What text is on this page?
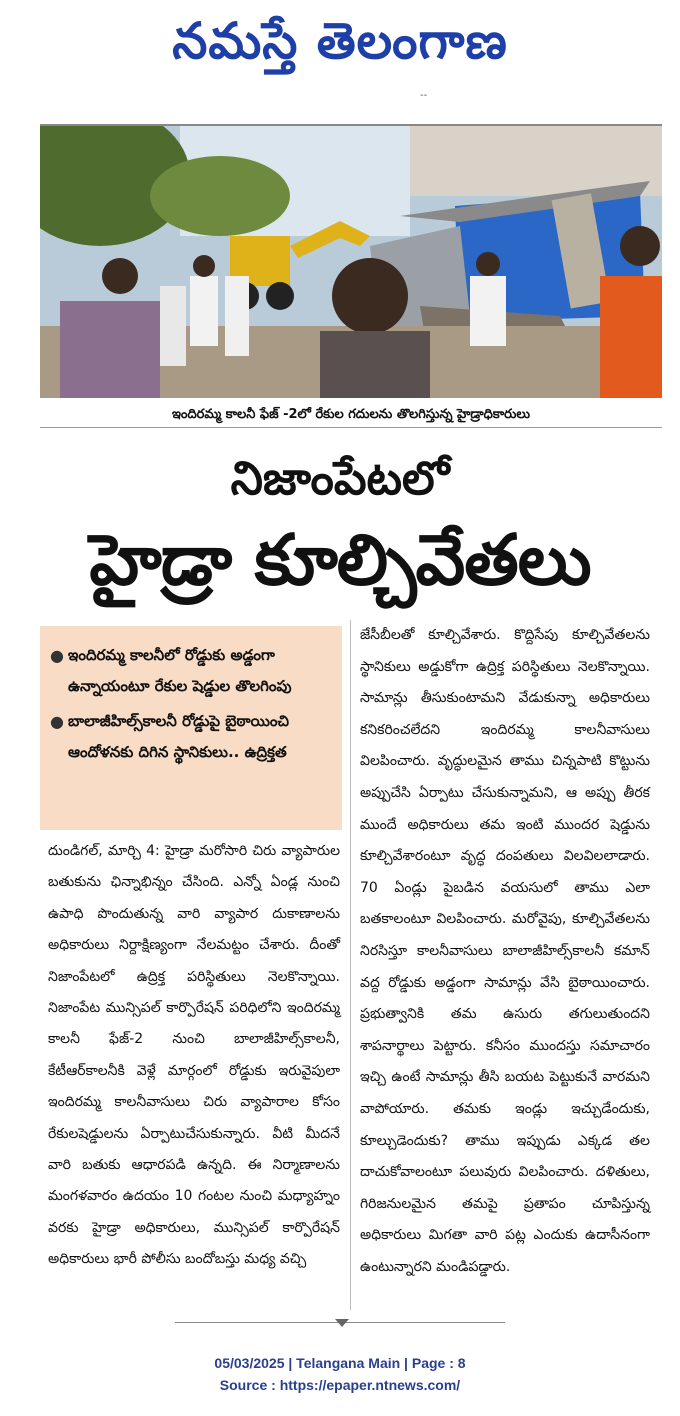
నమస్తే తెలంగాణ
--
ఇందిరమ్మ కాలనీ ఫేజ్ -2లో రేకుల గదులను తొలగిస్తున్న హైడ్రాధికారులు
నిజాంపేటలో
హైడ్రా కూల్చివేతలు
● ఇందిరమ్మ కాలనీలో రోడ్డుకు అడ్డంగా ఉన్నాయంటూ రేకుల షెడ్డుల తొలగింపు
● బాలాజీహిల్స్‌కాలనీ రోడ్డుపై బైఠాయించి ఆందోళనకు దిగిన స్థానికులు.. ఉద్రిక్తత

దుండిగల్, మార్చి 4: హైడ్రా మరోసారి చిరు వ్యాపారుల బతుకును ఛిన్నాభిన్నం చేసింది. ఎన్నో ఏండ్ల నుంచి ఉపాధి పొందుతున్న వారి వ్యాపార దుకాణాలను అధికారులు నిర్దాక్షిణ్యంగా నేలమట్టం చేశారు. దీంతో నిజాంపేటలో ఉద్రిక్త పరిస్థితులు నెలకొన్నాయి. నిజాంపేట మున్సిపల్ కార్పొరేషన్ పరిధిలోని ఇందిరమ్మ కాలనీ ఫేజ్-2 నుంచి బాలాజీహిల్స్‌కాలనీ, కేటీఆర్‌కాలనీకి వెళ్లే మార్గంలో రోడ్డుకు ఇరువైపులా ఇందిరమ్మ కాలనీవాసులు చిరు వ్యాపారాల కోసం రేకులషెడ్డులను ఏర్పాటుచేసుకున్నారు. వీటి మీదనే వారి బతుకు ఆధారపడి ఉన్నది. ఈ నిర్మాణాలను మంగళవారం ఉదయం 10 గంటల నుంచి మధ్యాహ్నం వరకు హైడ్రా అధికారులు, మున్సిపల్ కార్పొరేషన్ అధికారులు భారీ పోలీసు బందోబస్తు మధ్య వచ్చి

జేసీబీలతో కూల్చివేశారు. కొద్దిసేపు కూల్చివేతలను స్థానికులు అడ్డుకోగా ఉద్రిక్త పరిస్థితులు నెలకొన్నాయి. సామాన్లు తీసుకుంటామని వేడుకున్నా అధికారులు కనికరించలేదని ఇందిరమ్మ కాలనీవాసులు విలపించారు. వృద్ధులమైన తాము చిన్నపాటి కొట్టును అప్పుచేసి ఏర్పాటు చేసుకున్నామని, ఆ అప్పు తీరక ముందే అధికారులు తమ ఇంటి ముందర షెడ్డును కూల్చివేశారంటూ వృద్ధ దంపతులు విలవిలలాడారు. 70 ఏండ్లు పైబడిన వయసులో తాము ఎలా బతకాలంటూ విలపించారు. మరోవైపు, కూల్చివేతలను నిరసిస్తూ కాలనీవాసులు బాలాజీహిల్స్‌కాలనీ కమాన్ వద్ద రోడ్డుకు అడ్డంగా సామాన్లు వేసి బైఠాయించారు. ప్రభుత్వానికి తమ ఉసురు తగులుతుందని శాపనార్థాలు పెట్టారు. కనీసం ముందస్తు సమాచారం ఇచ్చి ఉంటే సామాన్లు తీసి బయట పెట్టుకునే వారమని వాపోయారు. తమకు ఇండ్లు ఇచ్చుడేందుకు, కూల్చుడెందుకు? తాము ఇప్పుడు ఎక్కడ తల దాచుకోవాలంటూ పలువురు విలపించారు. దళితులు, గిరిజనులమైన తమపై ప్రతాపం చూపిస్తున్న అధికారులు మిగతా వారి పట్ల ఎందుకు ఉదాసీనంగా ఉంటున్నారని మండిపడ్డారు.

05/03/2025 | Telangana Main | Page : 8
Source : https://epaper.ntnews.com/
